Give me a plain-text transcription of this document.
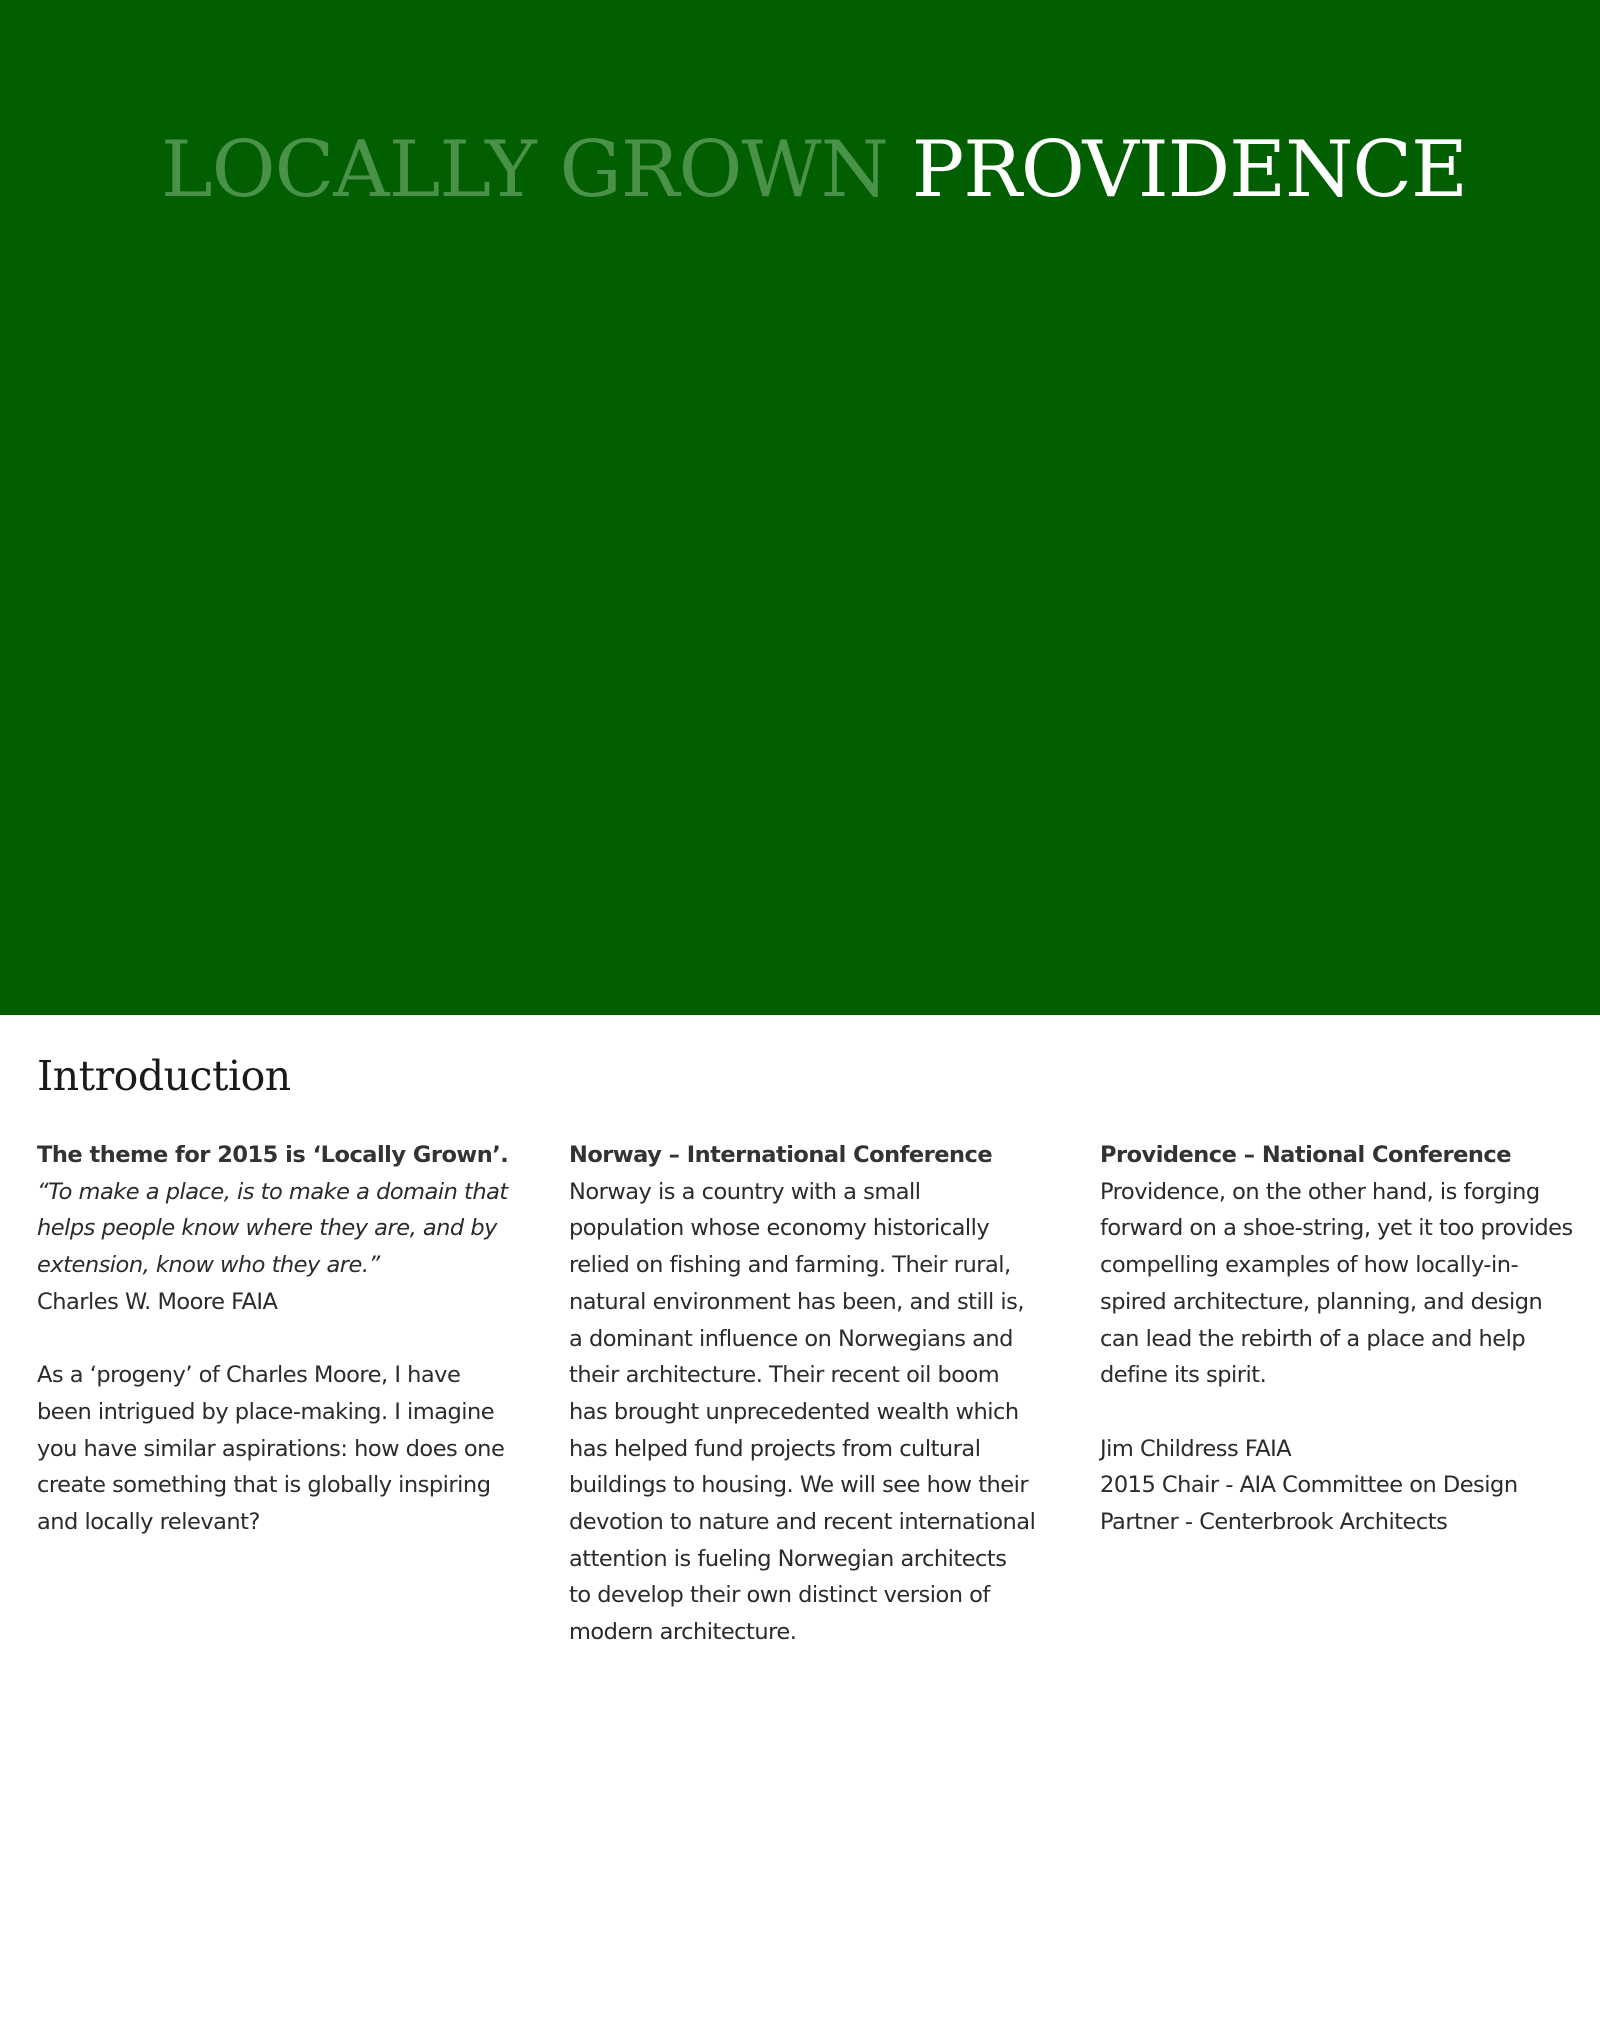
LOCALLY GROWN PROVIDENCE
Introduction

The theme for 2015 is ‘Locally Grown’.

“To make a place, is to make a domain that

helps people know where they are, and by

extension, know who they are.”

Charles W. Moore FAIA

As a ‘progeny’ of Charles Moore, I have

been intrigued by place-making. I imagine

you have similar aspirations: how does one

create something that is globally inspiring

and locally relevant?

Norway – International Conference

Norway is a country with a small

population whose economy historically

relied on fishing and farming. Their rural,

natural environment has been, and still is,

a dominant influence on Norwegians and

their architecture. Their recent oil boom

has brought unprecedented wealth which

has helped fund projects from cultural

buildings to housing. We will see how their

devotion to nature and recent international

attention is fueling Norwegian architects

to develop their own distinct version of

modern architecture.

Providence – National Conference

Providence, on the other hand, is forging

forward on a shoe-string, yet it too provides

compelling examples of how locally-in-

spired architecture, planning, and design

can lead the rebirth of a place and help

define its spirit.

Jim Childress FAIA

2015 Chair - AIA Committee on Design

Partner - Centerbrook Architects
